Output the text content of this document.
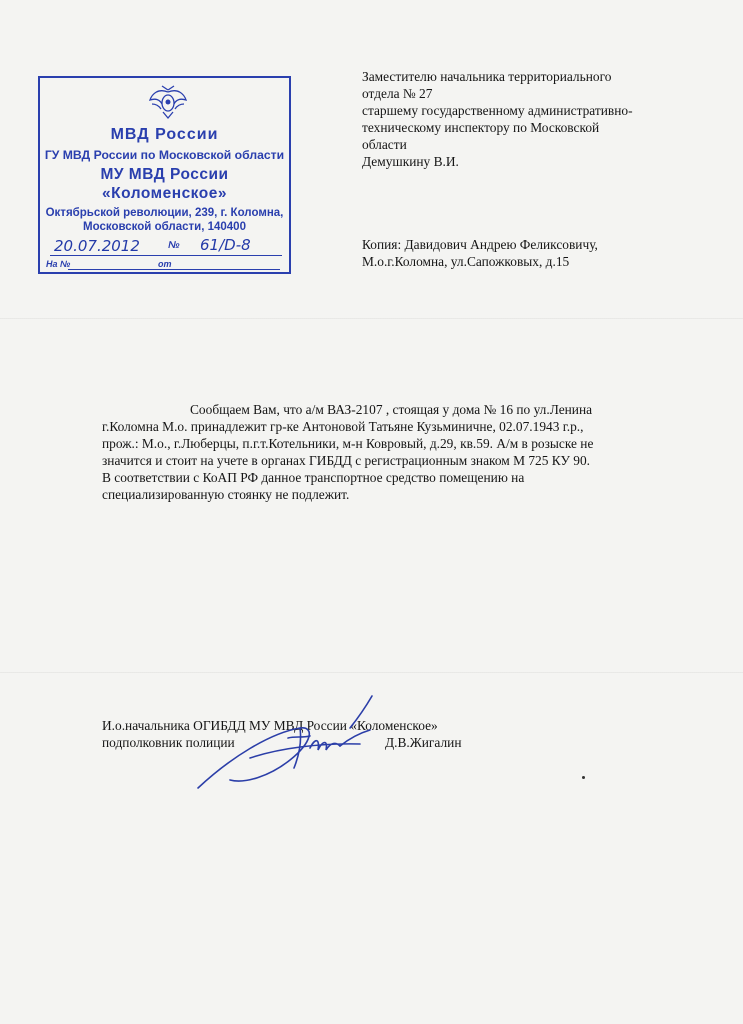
МВД России
ГУ МВД России по Московской области
МУ МВД России
«Коломенское»
Октябрьской революции, 239, г. Коломна,
Московской области, 140400
20.07.2012	№ 61/D-8
На №	от
Заместителю начальника территориального
отдела № 27
старшему государственному административно-
техническому инспектору по Московской
области
Демушкину В.И.
Копия: Давидович Андрею Феликсовичу,
М.о.г.Коломна, ул.Сапожковых, д.15
Сообщаем Вам, что а/м ВАЗ-2107 , стоящая у дома № 16 по ул.Ленина
г.Коломна М.о. принадлежит гр-ке Антоновой Татьяне Кузьминичне, 02.07.1943 г.р.,
прож.: М.о., г.Люберцы, п.г.т.Котельники, м-н Ковровый, д.29, кв.59. А/м в розыске не
значится и стоит на учете в органах ГИБДД с регистрационным знаком М 725 КУ 90.
В соответствии с КоАП РФ данное транспортное средство помещению на
специализированную стоянку не подлежит.
И.о.начальника ОГИБДД МУ МВД России «Коломенское»
подполковник полиции	Д.В.Жигалин
